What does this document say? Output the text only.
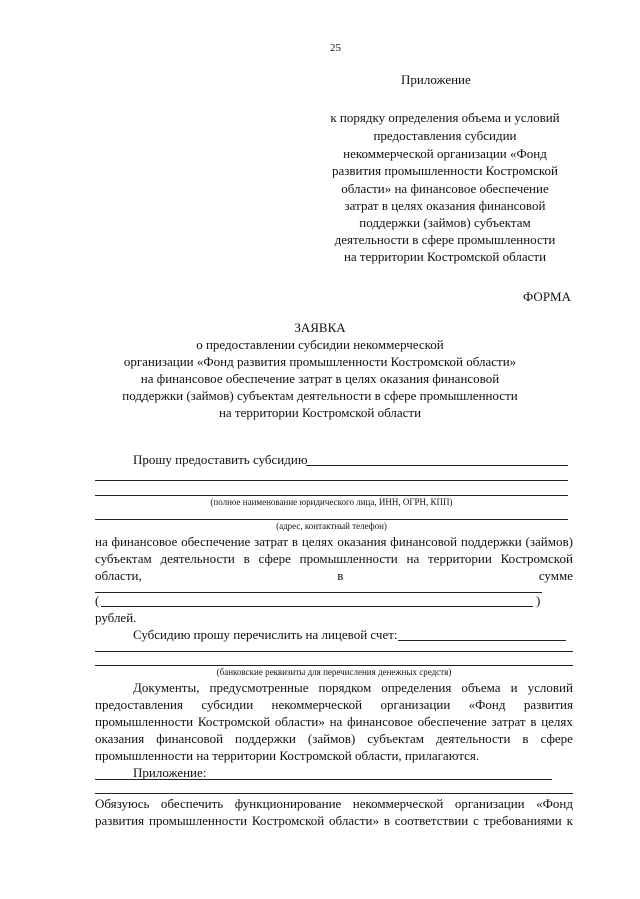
25
Приложение
к порядку определения объема и условий
предоставления субсидии
некоммерческой организации «Фонд
развития промышленности Костромской
области» на финансовое обеспечение
затрат в целях оказания финансовой
поддержки (займов) субъектам
деятельности в сфере промышленности
на территории Костромской области
ФОРМА
ЗАЯВКА
о предоставлении субсидии некоммерческой
организации «Фонд развития промышленности Костромской области»
на финансовое обеспечение затрат в целях оказания финансовой
поддержки (займов) субъектам деятельности в сфере промышленности
на территории Костромской области
Прошу предоставить субсидию
(полное наименование юридического лица, ИНН, ОГРН, КПП)
(адрес, контактный телефон)
на финансовое обеспечение затрат в целях оказания финансовой поддержки (займов)
субъектам деятельности в сфере промышленности на территории Костромской
области,	в	сумме
(	)
рублей.
Субсидию прошу перечислить на лицевой счет:
(банковские реквизиты для перечисления денежных средств)
Документы, предусмотренные порядком определения объема и условий
предоставления субсидии некоммерческой организации «Фонд развития
промышленности Костромской области» на финансовое обеспечение затрат в целях
оказания финансовой поддержки (займов) субъектам деятельности в сфере
промышленности на территории Костромской области, прилагаются.
Приложение:
Обязуюсь обеспечить функционирование некоммерческой организации «Фонд
развития промышленности Костромской области» в соответствии с требованиями к
